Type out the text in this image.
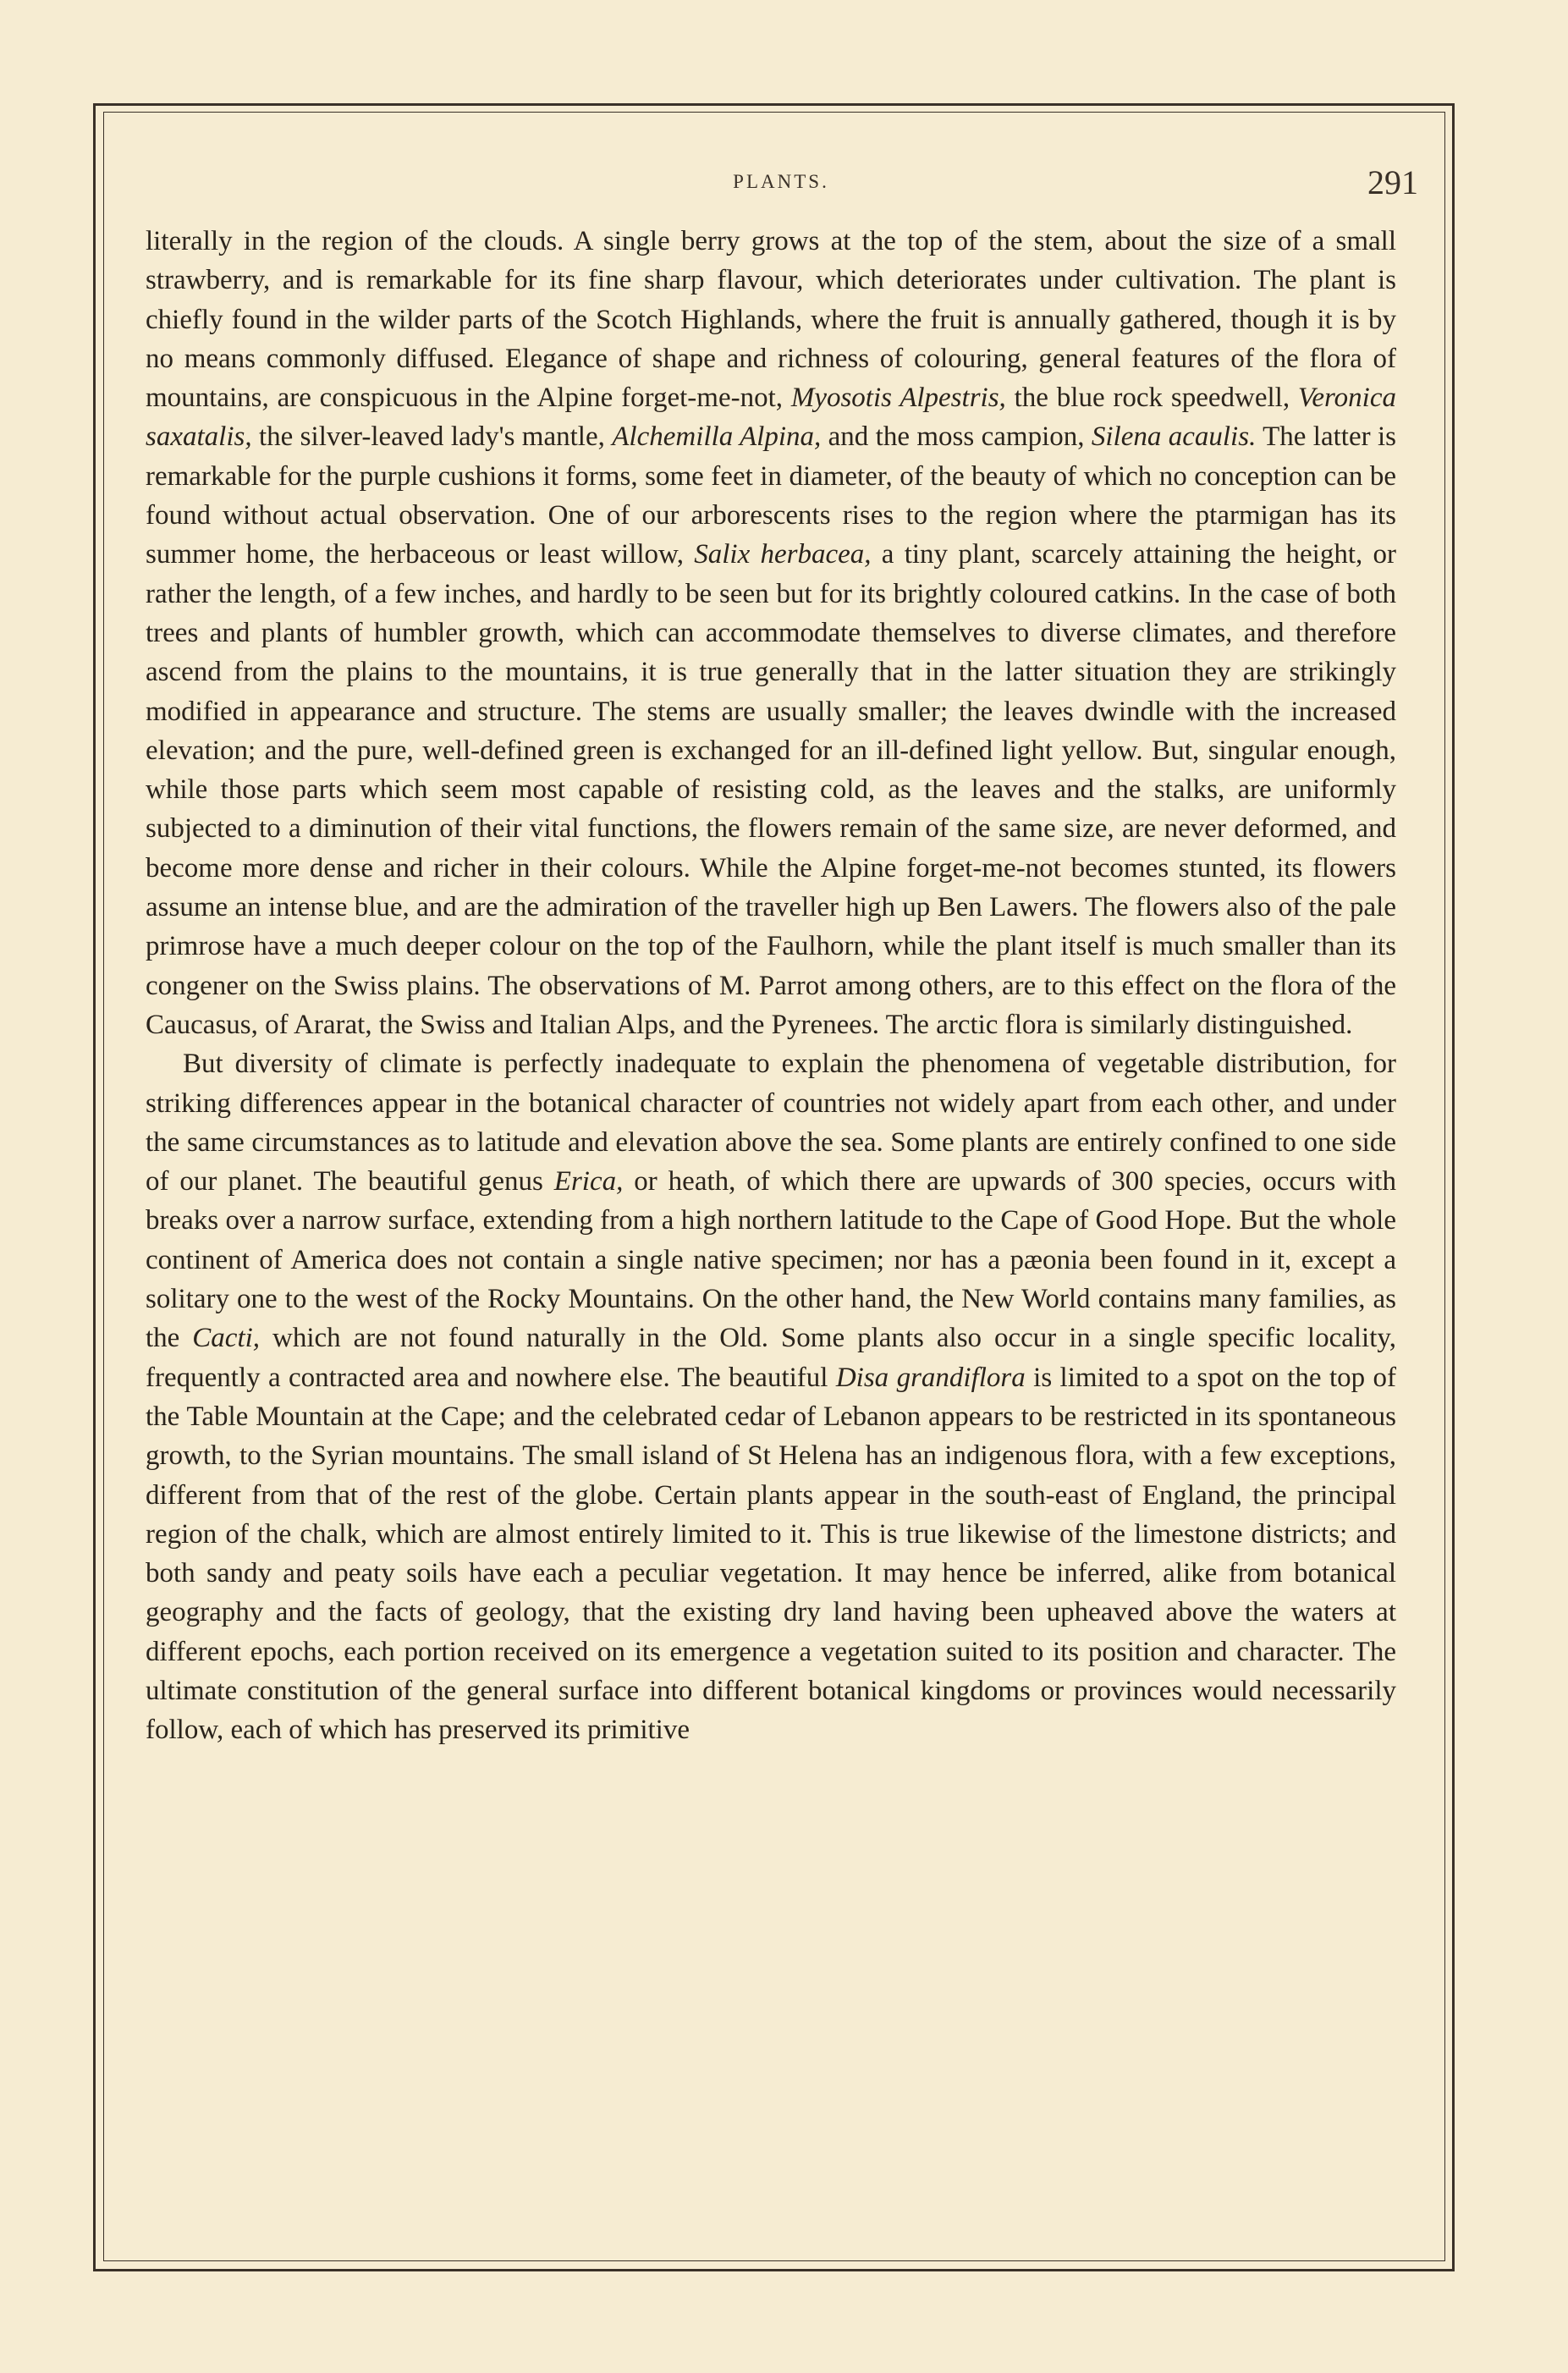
PLANTS.	291

literally in the region of the clouds. A single berry grows at the top of the stem, about the size of a small strawberry, and is remarkable for its fine sharp flavour, which deteriorates under cultivation. The plant is chiefly found in the wilder parts of the Scotch Highlands, where the fruit is annually gathered, though it is by no means commonly diffused. Elegance of shape and richness of colouring, general features of the flora of mountains, are conspicuous in the Alpine forget-me-not, Myosotis Alpestris, the blue rock speedwell, Veronica saxatalis, the silver-leaved lady's mantle, Alchemilla Alpina, and the moss campion, Silena acaulis. The latter is remarkable for the purple cushions it forms, some feet in diameter, of the beauty of which no conception can be found without actual observation. One of our arborescents rises to the region where the ptarmigan has its summer home, the herbaceous or least willow, Salix herbacea, a tiny plant, scarcely attaining the height, or rather the length, of a few inches, and hardly to be seen but for its brightly coloured catkins. In the case of both trees and plants of humbler growth, which can accommodate themselves to diverse climates, and therefore ascend from the plains to the mountains, it is true generally that in the latter situation they are strikingly modified in appearance and structure. The stems are usually smaller; the leaves dwindle with the increased elevation; and the pure, well-defined green is exchanged for an ill-defined light yellow. But, singular enough, while those parts which seem most capable of resisting cold, as the leaves and the stalks, are uniformly subjected to a diminution of their vital functions, the flowers remain of the same size, are never deformed, and become more dense and richer in their colours. While the Alpine forget-me-not becomes stunted, its flowers assume an intense blue, and are the admiration of the traveller high up Ben Lawers. The flowers also of the pale primrose have a much deeper colour on the top of the Faulhorn, while the plant itself is much smaller than its congener on the Swiss plains. The observations of M. Parrot among others, are to this effect on the flora of the Caucasus, of Ararat, the Swiss and Italian Alps, and the Pyrenees. The arctic flora is similarly distinguished.

But diversity of climate is perfectly inadequate to explain the phenomena of vegetable distribution, for striking differences appear in the botanical character of countries not widely apart from each other, and under the same circumstances as to latitude and elevation above the sea. Some plants are entirely confined to one side of our planet. The beautiful genus Erica, or heath, of which there are upwards of 300 species, occurs with breaks over a narrow surface, extending from a high northern latitude to the Cape of Good Hope. But the whole continent of America does not contain a single native specimen; nor has a pæonia been found in it, except a solitary one to the west of the Rocky Mountains. On the other hand, the New World contains many families, as the Cacti, which are not found naturally in the Old. Some plants also occur in a single specific locality, frequently a contracted area and nowhere else. The beautiful Disa grandiflora is limited to a spot on the top of the Table Mountain at the Cape; and the celebrated cedar of Lebanon appears to be restricted in its spontaneous growth, to the Syrian mountains. The small island of St Helena has an indigenous flora, with a few exceptions, different from that of the rest of the globe. Certain plants appear in the south-east of England, the principal region of the chalk, which are almost entirely limited to it. This is true likewise of the limestone districts; and both sandy and peaty soils have each a peculiar vegetation. It may hence be inferred, alike from botanical geography and the facts of geology, that the existing dry land having been upheaved above the waters at different epochs, each portion received on its emergence a vegetation suited to its position and character. The ultimate constitution of the general surface into different botanical kingdoms or provinces would necessarily follow, each of which has preserved its primitive
